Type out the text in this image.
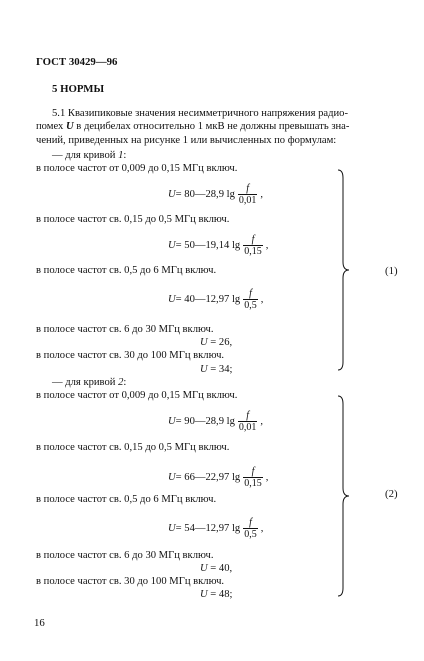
ГОСТ 30429—96
5 НОРМЫ
5.1 Квазипиковые значения несимметричного напряжения радио-
помех U в децибелах относительно 1 мкВ не должны превышать зна-
чений, приведенных на рисунке 1 или вычисленных по формулам:
— для кривой 1:
в полосе частот от 0,009 до 0,15 МГц включ.
U = 80—28,9 $\lg \frac{f}{0,01}$ ,
в полосе частот св. 0,15 до 0,5 МГц включ.
U = 50—19,14 $\lg \frac{f}{0,15}$ ,
в полосе частот св. 0,5 до 6 МГц включ.
U = 40—12,97 $\lg \frac{f}{0,5}$ ,
в полосе частот св. 6 до 30 МГц включ.
U = 26,
в полосе частот св. 30 до 100 МГц включ.
U = 34;
(1)
— для кривой 2:
в полосе частот от 0,009 до 0,15 МГц включ.
U = 90—28,9 $\lg \frac{f}{0,01}$ ,
в полосе частот св. 0,15 до 0,5 МГц включ.
U = 66—22,97 $\lg \frac{f}{0,15}$ ,
в полосе частот св. 0,5 до 6 МГц включ.
U = 54—12,97 $\lg \frac{f}{0,5}$ ,
в полосе частот св. 6 до 30 МГц включ.
U = 40,
в полосе частот св. 30 до 100 МГц включ.
U = 48;
(2)
16
